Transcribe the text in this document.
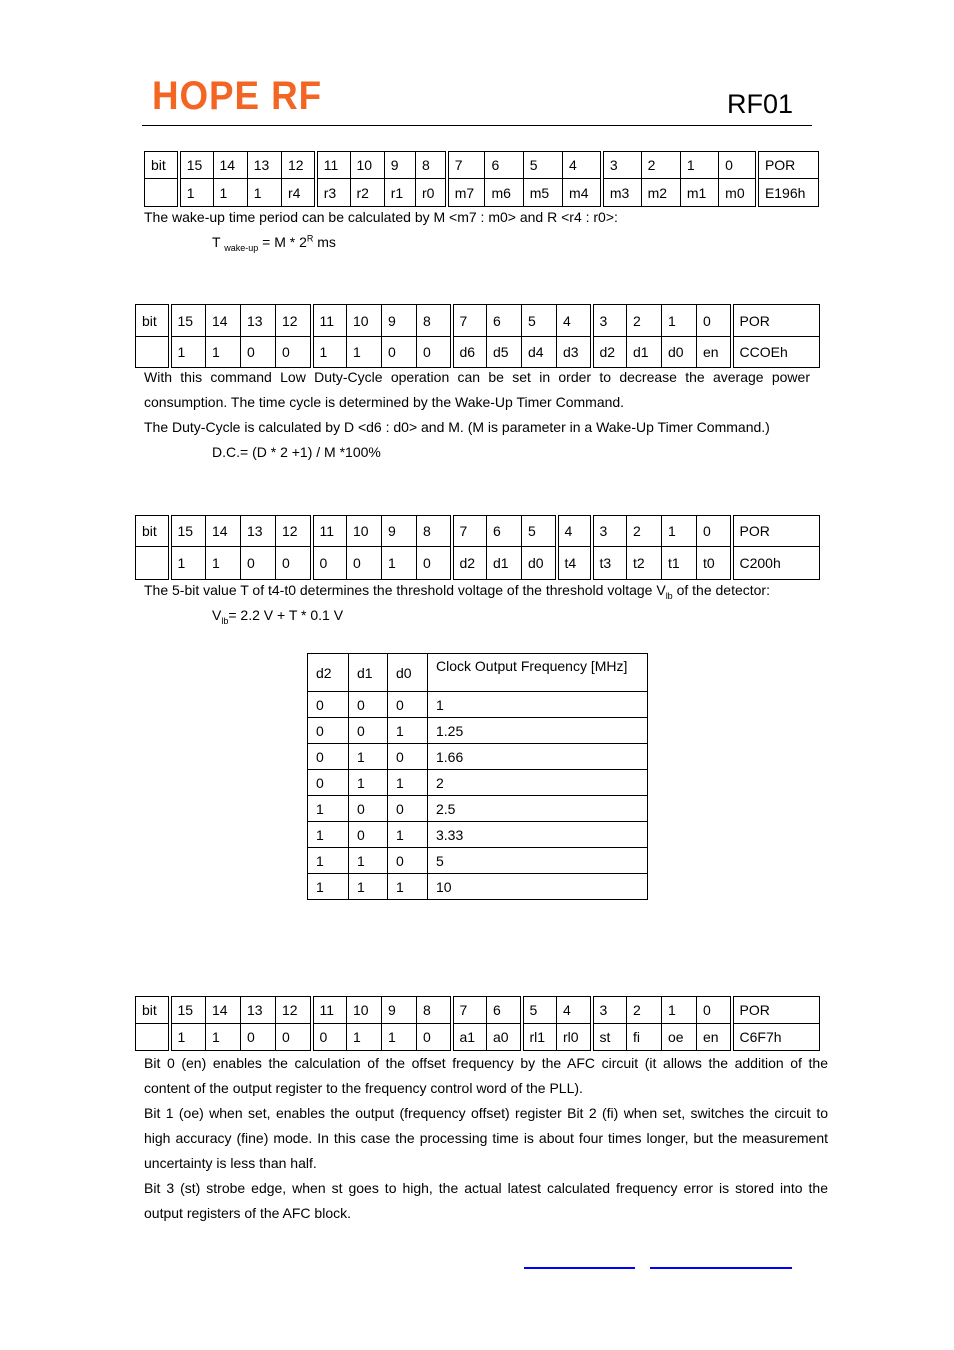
HOPE RF	RF01
bit	15	14	13	12	11	10	9	8	7	6	5	4	3	2	1	0	POR
	1	1	1	r4	r3	r2	r1	r0	m7	m6	m5	m4	m3	m2	m1	m0	E196h
The wake-up time period can be calculated by M <m7 : m0> and R <r4 : r0>:
T $_{wake-up} = M * 2^R$ ms
bit	15	14	13	12	11	10	9	8	7	6	5	4	3	2	1	0	POR
	1	1	0	0	1	1	0	0	d6	d5	d4	d3	d2	d1	d0	en	CCOEh
With this command Low Duty-Cycle operation can be set in order to decrease the average power
consumption. The time cycle is determined by the Wake-Up Timer Command.
The Duty-Cycle is calculated by D <d6 : d0> and M. (M is parameter in a Wake-Up Timer Command.)
D.C.= (D * 2 +1) / M *100%
bit	15	14	13	12	11	10	9	8	7	6	5	4	3	2	1	0	POR
	1	1	0	0	0	0	1	0	d2	d1	d0	t4	t3	t2	t1	t0	C200h
The 5-bit value T of t4-t0 determines the threshold voltage of the threshold voltage $V_{lb}$ of the detector:
$V_{lb}= 2.2$ V + T * 0.1 V
d2	d1	d0	Clock Output Frequency [MHz]
0	0	0	1
0	0	1	1.25
0	1	0	1.66
0	1	1	2
1	0	0	2.5
1	0	1	3.33
1	1	0	5
1	1	1	10
bit	15	14	13	12	11	10	9	8	7	6	5	4	3	2	1	0	POR
	1	1	0	0	0	1	1	0	a1	a0	rl1	rl0	st	fi	oe	en	C6F7h
Bit 0 (en) enables the calculation of the offset frequency by the AFC circuit (it allows the addition of the
content of the output register to the frequency control word of the PLL).
Bit 1 (oe) when set, enables the output (frequency offset) register Bit 2 (fi) when set, switches the circuit to
high accuracy (fine) mode. In this case the processing time is about four times longer, but the measurement
uncertainty is less than half.
Bit 3 (st) strobe edge, when st goes to high, the actual latest calculated frequency error is stored into the
output registers of the AFC block.
